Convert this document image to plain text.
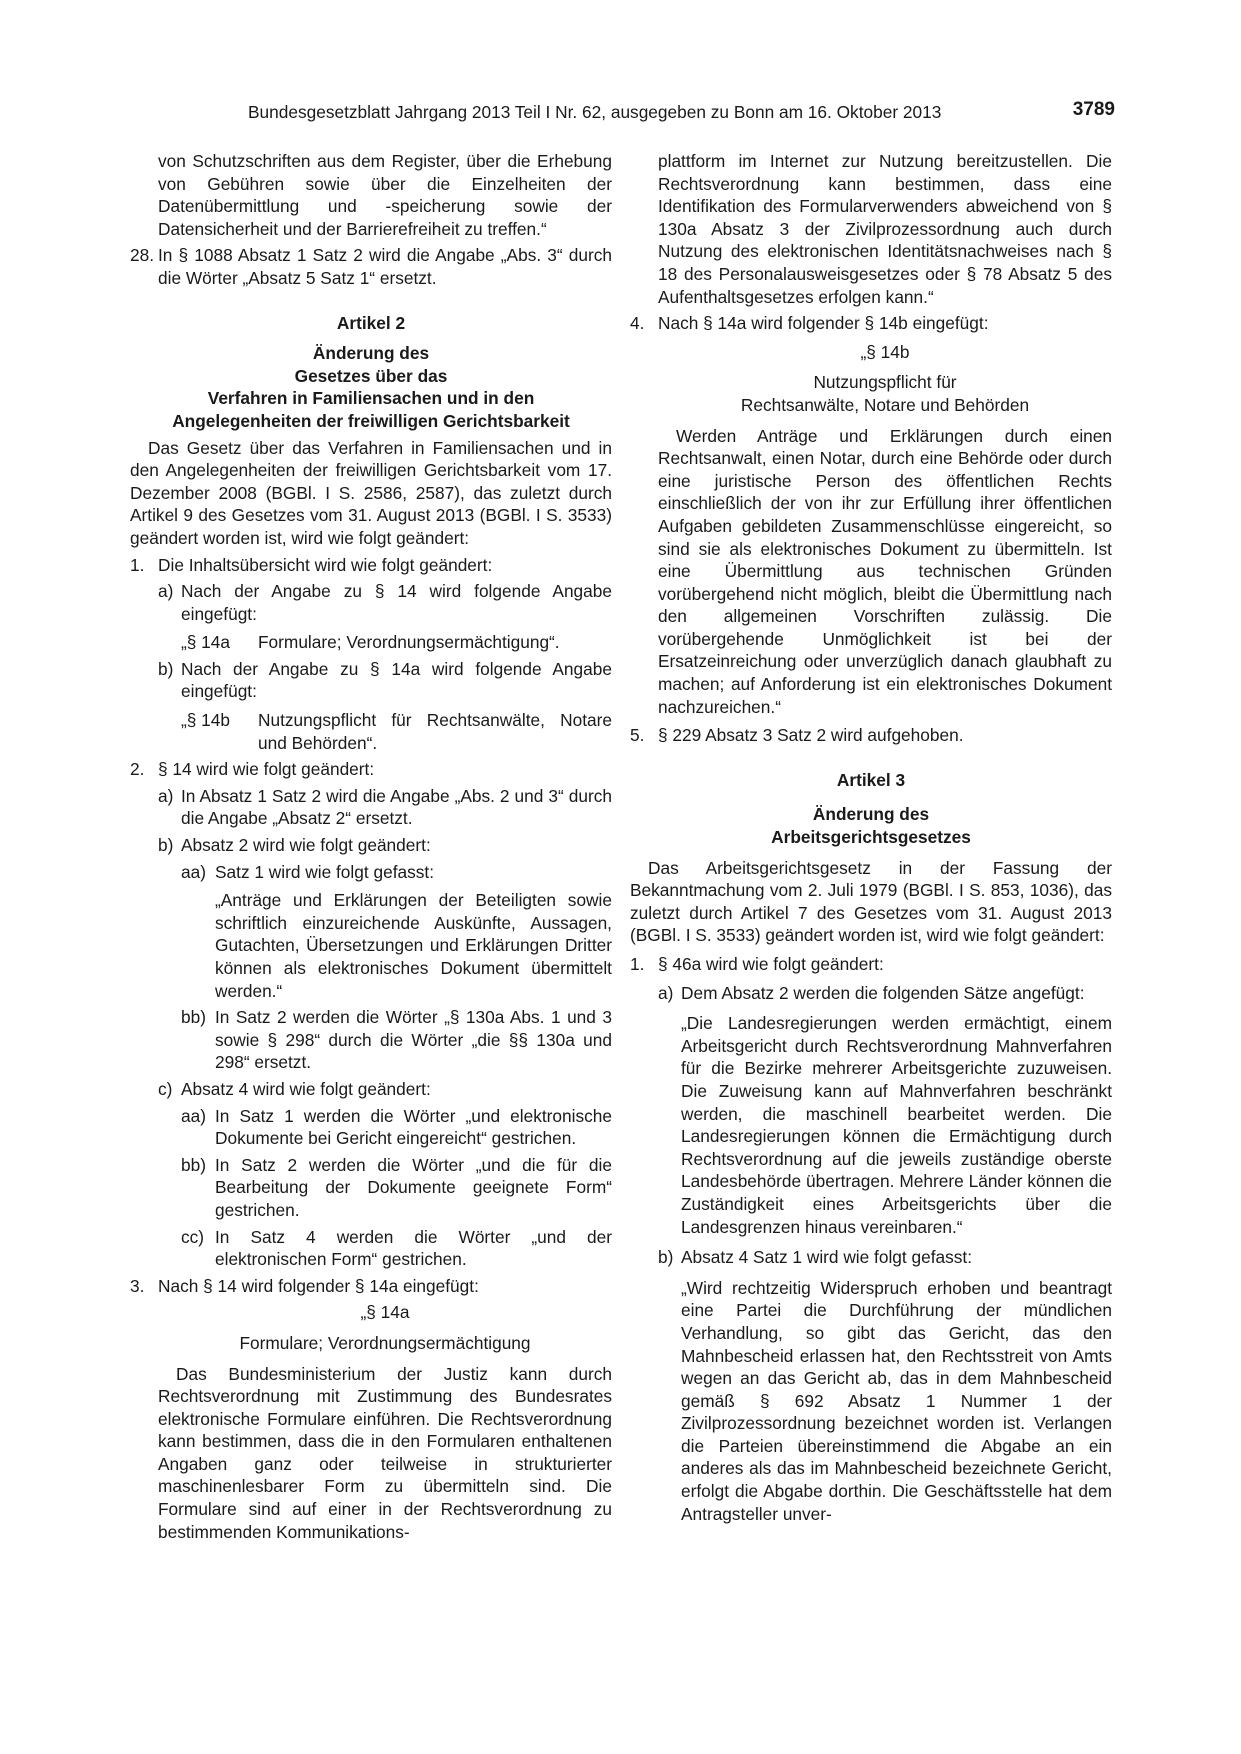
Bundesgesetzblatt Jahrgang 2013 Teil I Nr. 62, ausgegeben zu Bonn am 16. Oktober 2013	3789

von Schutzschriften aus dem Register, über die Erhebung von Gebühren sowie über die Einzelheiten der Datenübermittlung und -speicherung sowie der Datensicherheit und der Barrierefreiheit zu treffen.“

28. In § 1088 Absatz 1 Satz 2 wird die Angabe „Abs. 3“ durch die Wörter „Absatz 5 Satz 1“ ersetzt.

Artikel 2

Änderung des

Gesetzes über das

Verfahren in Familiensachen und in den

Angelegenheiten der freiwilligen Gerichtsbarkeit

Das Gesetz über das Verfahren in Familiensachen und in den Angelegenheiten der freiwilligen Gerichtsbarkeit vom 17. Dezember 2008 (BGBl. I S. 2586, 2587), das zuletzt durch Artikel 9 des Gesetzes vom 31. August 2013 (BGBl. I S. 3533) geändert worden ist, wird wie folgt geändert:

1. Die Inhaltsübersicht wird wie folgt geändert:
a) Nach der Angabe zu § 14 wird folgende Angabe eingefügt:
„§ 14a	Formulare; Verordnungsermächtigung“.
b) Nach der Angabe zu § 14a wird folgende Angabe eingefügt:
„§ 14b	Nutzungspflicht für Rechtsanwälte, Notare und Behörden“.
2. § 14 wird wie folgt geändert:
a) In Absatz 1 Satz 2 wird die Angabe „Abs. 2 und 3“ durch die Angabe „Absatz 2“ ersetzt.
b) Absatz 2 wird wie folgt geändert:
aa) Satz 1 wird wie folgt gefasst:

„Anträge und Erklärungen der Beteiligten sowie schriftlich einzureichende Auskünfte, Aussagen, Gutachten, Übersetzungen und Erklärungen Dritter können als elektronisches Dokument übermittelt werden.“

bb) In Satz 2 werden die Wörter „§ 130a Abs. 1 und 3 sowie § 298“ durch die Wörter „die §§ 130a und 298“ ersetzt.
c) Absatz 4 wird wie folgt geändert:
aa) In Satz 1 werden die Wörter „und elektronische Dokumente bei Gericht eingereicht“ gestrichen.
bb) In Satz 2 werden die Wörter „und die für die Bearbeitung der Dokumente geeignete Form“ gestrichen.
cc) In Satz 4 werden die Wörter „und der elektronischen Form“ gestrichen.
3. Nach § 14 wird folgender § 14a eingefügt:

„§ 14a

Formulare; Verordnungsermächtigung

Das Bundesministerium der Justiz kann durch Rechtsverordnung mit Zustimmung des Bundesrates elektronische Formulare einführen. Die Rechtsverordnung kann bestimmen, dass die in den Formularen enthaltenen Angaben ganz oder teilweise in strukturierter maschinenlesbarer Form zu übermitteln sind. Die Formulare sind auf einer in der Rechtsverordnung zu bestimmenden Kommunikations-

plattform im Internet zur Nutzung bereitzustellen. Die Rechtsverordnung kann bestimmen, dass eine Identifikation des Formularverwenders abweichend von § 130a Absatz 3 der Zivilprozessordnung auch durch Nutzung des elektronischen Identitätsnachweises nach § 18 des Personalausweisgesetzes oder § 78 Absatz 5 des Aufenthaltsgesetzes erfolgen kann.“

4. Nach § 14a wird folgender § 14b eingefügt:

„§ 14b

Nutzungspflicht für

Rechtsanwälte, Notare und Behörden

Werden Anträge und Erklärungen durch einen Rechtsanwalt, einen Notar, durch eine Behörde oder durch eine juristische Person des öffentlichen Rechts einschließlich der von ihr zur Erfüllung ihrer öffentlichen Aufgaben gebildeten Zusammenschlüsse eingereicht, so sind sie als elektronisches Dokument zu übermitteln. Ist eine Übermittlung aus technischen Gründen vorübergehend nicht möglich, bleibt die Übermittlung nach den allgemeinen Vorschriften zulässig. Die vorübergehende Unmöglichkeit ist bei der Ersatzeinreichung oder unverzüglich danach glaubhaft zu machen; auf Anforderung ist ein elektronisches Dokument nachzureichen.“

5. § 229 Absatz 3 Satz 2 wird aufgehoben.

Artikel 3

Änderung des

Arbeitsgerichtsgesetzes

Das Arbeitsgerichtsgesetz in der Fassung der Bekanntmachung vom 2. Juli 1979 (BGBl. I S. 853, 1036), das zuletzt durch Artikel 7 des Gesetzes vom 31. August 2013 (BGBl. I S. 3533) geändert worden ist, wird wie folgt geändert:

1. § 46a wird wie folgt geändert:
a) Dem Absatz 2 werden die folgenden Sätze angefügt:

„Die Landesregierungen werden ermächtigt, einem Arbeitsgericht durch Rechtsverordnung Mahnverfahren für die Bezirke mehrerer Arbeitsgerichte zuzuweisen. Die Zuweisung kann auf Mahnverfahren beschränkt werden, die maschinell bearbeitet werden. Die Landesregierungen können die Ermächtigung durch Rechtsverordnung auf die jeweils zuständige oberste Landesbehörde übertragen. Mehrere Länder können die Zuständigkeit eines Arbeitsgerichts über die Landesgrenzen hinaus vereinbaren.“

b) Absatz 4 Satz 1 wird wie folgt gefasst:

„Wird rechtzeitig Widerspruch erhoben und beantragt eine Partei die Durchführung der mündlichen Verhandlung, so gibt das Gericht, das den Mahnbescheid erlassen hat, den Rechtsstreit von Amts wegen an das Gericht ab, das in dem Mahnbescheid gemäß § 692 Absatz 1 Nummer 1 der Zivilprozessordnung bezeichnet worden ist. Verlangen die Parteien übereinstimmend die Abgabe an ein anderes als das im Mahnbescheid bezeichnete Gericht, erfolgt die Abgabe dorthin. Die Geschäftsstelle hat dem Antragsteller unver-
